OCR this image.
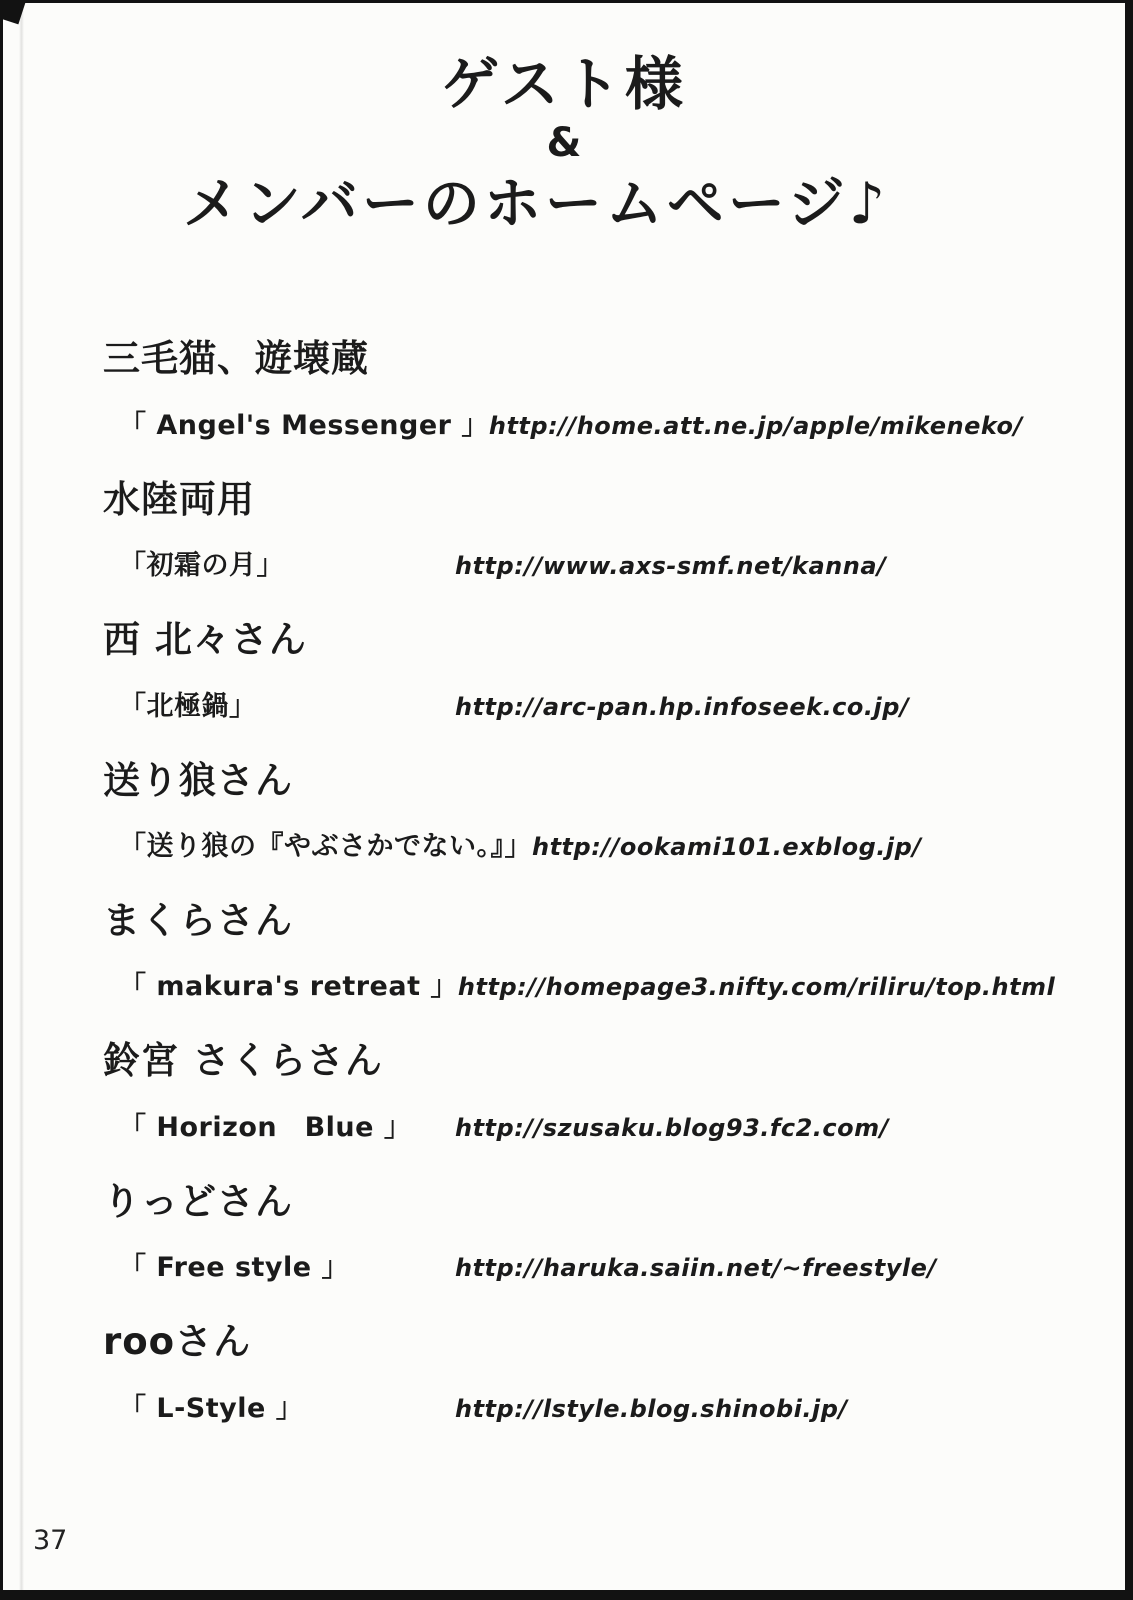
ゲスト様
&
メンバーのホームページ♪
三毛猫、遊壊蔵
「 Angel's Messenger 」 http://home.att.ne.jp/apple/mikeneko/
水陸両用
「初霜の月」	http://www.axs-smf.net/kanna/
西 北々さん
「北極鍋」	http://arc-pan.hp.infoseek.co.jp/
送り狼さん
「送り狼の『やぶさかでない。』」 http://ookami101.exblog.jp/
まくらさん
「 makura's retreat 」 http://homepage3.nifty.com/riliru/top.html
鈴宮 さくらさん
「 Horizon　Blue 」	http://szusaku.blog93.fc2.com/
りっどさん
「 Free style 」	http://haruka.saiin.net/~freestyle/
rooさん
「 L-Style 」	http://lstyle.blog.shinobi.jp/
37
